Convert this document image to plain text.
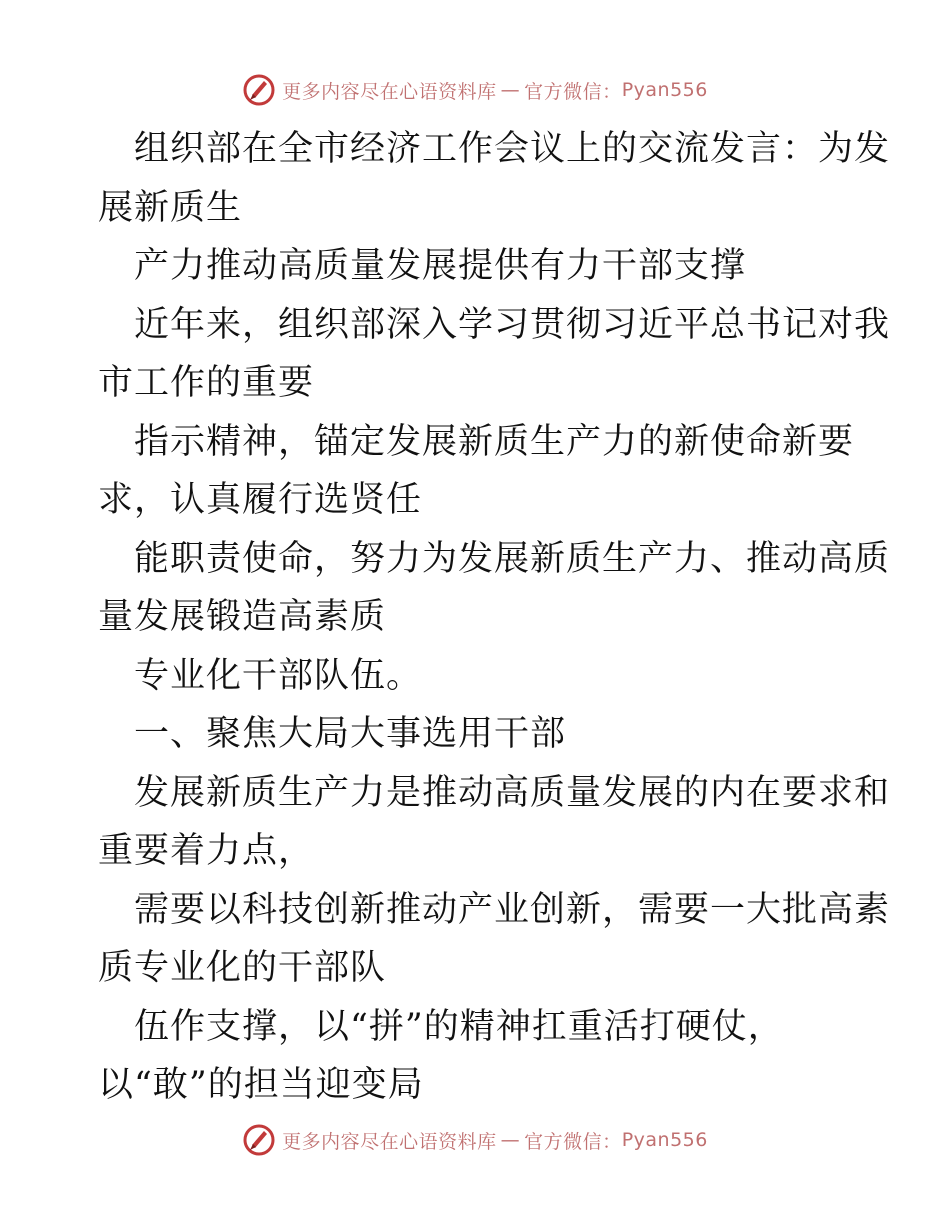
更多内容尽在心语资料库 — 官方微信： Pyan556
组织部在全市经济工作会议上的交流发言：为发
展新质生
产力推动高质量发展提供有力干部支撑
近年来，组织部深入学习贯彻习近平总书记对我
市工作的重要
指示精神，锚定发展新质生产力的新使命新要
求，认真履行选贤任
能职责使命，努力为发展新质生产力、推动高质
量发展锻造高素质
专业化干部队伍。
一、聚焦大局大事选用干部
发展新质生产力是推动高质量发展的内在要求和
重要着力点，
需要以科技创新推动产业创新，需要一大批高素
质专业化的干部队
伍作支撑，以“拼”的精神扛重活打硬仗，
以“敢”的担当迎变局
更多内容尽在心语资料库 — 官方微信： Pyan556
